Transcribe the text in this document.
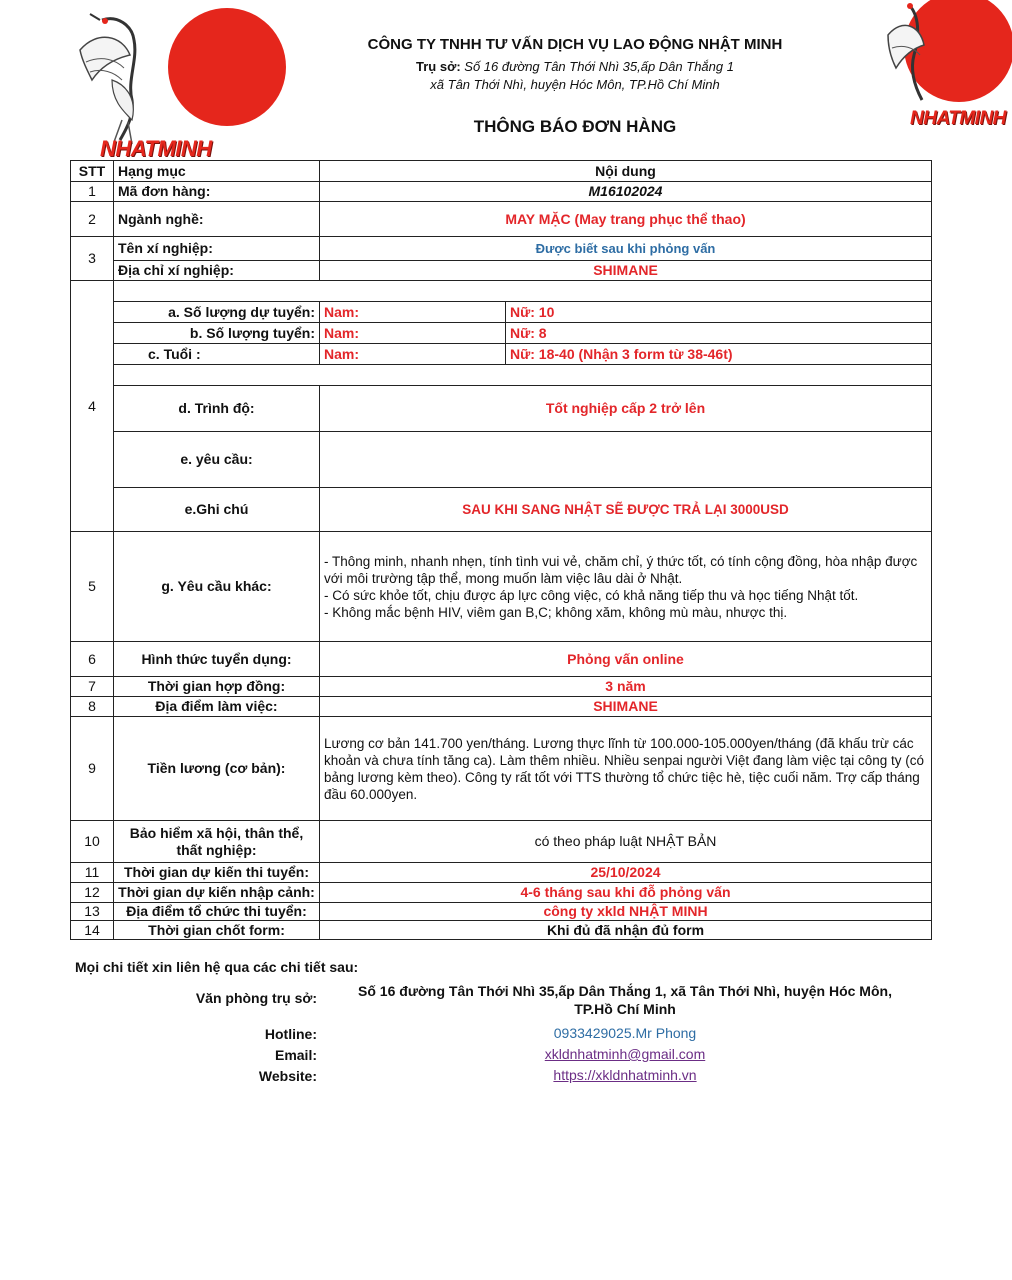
NHATMINH
NHATMINH
CÔNG TY TNHH TƯ VẤN DỊCH VỤ LAO ĐỘNG NHẬT MINH
Trụ sở: Số 16 đường Tân Thới Nhì 35,ấp Dân Thắng 1
xã Tân Thới Nhì, huyện Hóc Môn, TP.Hồ Chí Minh
THÔNG BÁO ĐƠN HÀNG
STT	Hạng mục	Nội dung	
1	Mã đơn hàng:	M16102024	
2	Ngành nghề:	MAY MẶC (May trang phục thể thao)	
3	Tên xí nghiệp:	Được biết sau khi phỏng vấn	
	Địa chỉ xí nghiệp:	SHIMANE	
4			
	a. Số lượng dự tuyển:	Nam:	Nữ: 10
	b. Số lượng tuyển:	Nam:	Nữ: 8
	c. Tuổi :	Nam:	Nữ: 18-40 (Nhận 3 form từ 38-46t)

	d. Trình độ:	Tốt nghiệp cấp 2 trở lên	
	e. yêu cầu:		
	e.Ghi chú	SAU KHI SANG NHẬT SẼ ĐƯỢC TRẢ LẠI 3000USD	

5	g. Yêu cầu khác:	- Thông minh, nhanh nhẹn, tính tình vui vẻ, chăm chỉ, ý thức tốt, có tính cộng đồng, hòa nhập được với môi trường tập thể, mong muốn làm việc lâu dài ở Nhật.
- Có sức khỏe tốt, chịu được áp lực công việc, có khả năng tiếp thu và học tiếng Nhật tốt.
- Không mắc bệnh HIV, viêm gan B,C; không xăm, không mù màu, nhược thị.	

6	Hình thức tuyển dụng:	Phỏng vấn online	
7	Thời gian hợp đồng:	3 năm	
8	Địa điểm làm việc:	SHIMANE	
9	Tiền lương (cơ bản):	Lương cơ bản 141.700 yen/tháng. Lương thực lĩnh từ 100.000-105.000yen/tháng (đã khấu trừ các khoản và chưa tính tăng ca). Làm thêm nhiều. Nhiều senpai người Việt đang làm việc tại công ty (có bảng lương kèm theo). Công ty rất tốt với TTS thường tổ chức tiệc hè, tiệc cuối năm. Trợ cấp tháng đầu 60.000yen.	
10	Bảo hiểm xã hội, thân thể, thất nghiệp:	có theo pháp luật NHẬT BẢN	
11	Thời gian dự kiến thi tuyển:	25/10/2024	
12	Thời gian dự kiến nhập cảnh:	4-6 tháng sau khi đỗ phỏng vấn	
13	Địa điểm tổ chức thi tuyển:	công ty xkld NHẬT MINH	
14	Thời gian chốt form:	Khi đủ đã nhận đủ form	
Mọi chi tiết xin liên hệ qua các chi tiết sau:
Văn phòng trụ sở:	Số 16 đường Tân Thới Nhì 35,ấp Dân Thắng 1, xã Tân Thới Nhì, huyện Hóc Môn,
TP.Hồ Chí Minh
Hotline:	0933429025.Mr Phong
Email:	xkldnhatminh@gmail.com
Website:	https://xkldnhatminh.vn
